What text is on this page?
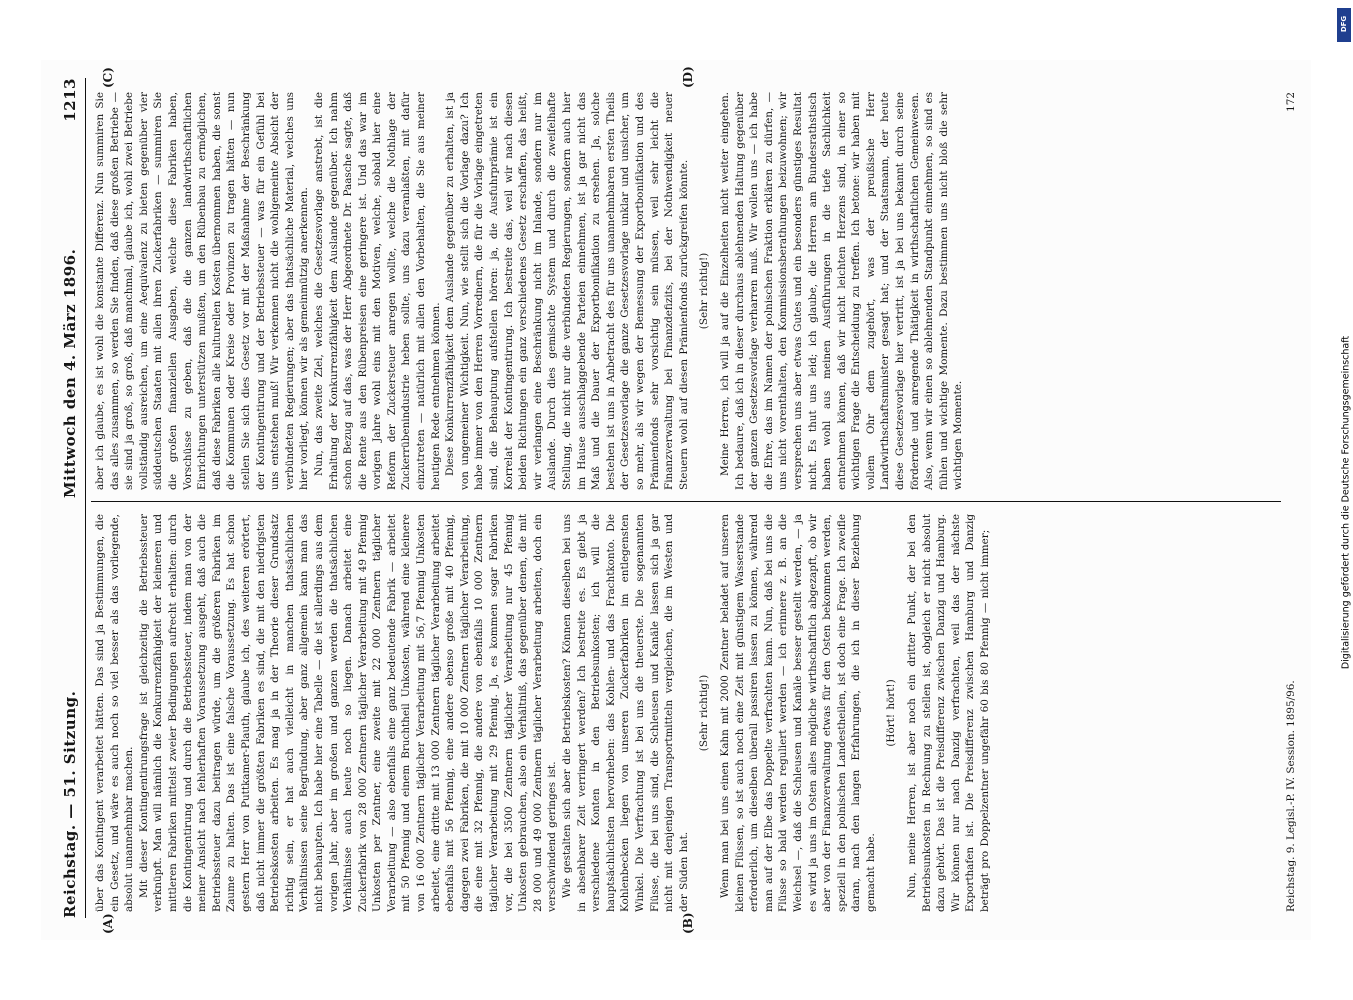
Reichstag. — 51. Sitzung.
Mittwoch den 4. März 1896.
1213
(A)	(B)
(C)	(D)

über das Kontingent verarbeitet hätten. Das sind ja Bestimmungen, die ein Gesetz, und wäre es auch noch so viel besser als das vorliegende, absolut unannehmbar machen. Mit dieser Kontingentirungsfrage ist gleichzeitig die Betriebssteuer verknüpft. Man will nämlich die Konkurrenzfähigkeit der kleineren und mittleren Fabriken mittelst zweier Bedingungen aufrecht erhalten: durch die Kontingentirung und durch die Betriebssteuer, indem man von der meiner Ansicht nach fehlerhaften Voraussetzung ausgeht, daß auch die Betriebssteuer dazu beitragen würde, um die größeren Fabriken im Zaume zu halten. Das ist eine falsche Voraussetzung. Es hat schon gestern Herr von Puttkamer-Plauth, glaube ich, des weiteren erörtert, daß nicht immer die größten Fabriken es sind, die mit den niedrigsten Betriebskosten arbeiten. Es mag ja in der Theorie dieser Grundsatz richtig sein, er hat auch vielleicht in manchen thatsächlichen Verhältnissen seine Begründung, aber ganz allgemein kann man das nicht behaupten. Ich habe hier eine Tabelle — die ist allerdings aus dem vorigen Jahr, aber im großen und ganzen werden die thatsächlichen Verhältnisse auch heute noch so liegen. Danach arbeitet eine Zuckerfabrik von 28 000 Zentnern täglicher Verarbeitung mit 49 Pfennig Unkosten per Zentner, eine zweite mit 22 000 Zentnern täglicher Verarbeitung — also ebenfalls eine ganz bedeutende Fabrik — arbeitet mit 50 Pfennig und einem Bruchtheil Unkosten, während eine kleinere von 16 000 Zentnern täglicher Verarbeitung mit 56,7 Pfennig Unkosten arbeitet, eine dritte mit 13 000 Zentnern täglicher Verarbeitung arbeitet ebenfalls mit 56 Pfennig, eine andere ebenso große mit 40 Pfennig, dagegen zwei Fabriken, die mit 10 000 Zentnern täglicher Verarbeitung, die eine mit 32 Pfennig, die andere von ebenfalls 10 000 Zentnern täglicher Verarbeitung mit 29 Pfennig. Ja, es kommen sogar Fabriken vor, die bei 3500 Zentnern täglicher Verarbeitung nur 45 Pfennig Unkosten gebrauchen, also ein Verhältniß, das gegenüber denen, die mit 28 000 und 49 000 Zentnern täglicher Verarbeitung arbeiten, doch ein verschwindend geringes ist. Wie gestalten sich aber die Betriebskosten? Können dieselben bei uns in absehbarer Zeit verringert werden? Ich bestreite es. Es giebt ja verschiedene Konten in den Betriebsunkosten; ich will die hauptsächlichsten hervorheben: das Kohlen- und das Frachtkonto. Die Kohlenbecken liegen von unseren Zuckerfabriken im entlegensten Winkel. Die Verfrachtung ist bei uns die theuerste. Die sogenannten Flüsse, die bei uns sind, die Schleusen und Kanäle lassen sich ja gar nicht mit denjenigen Transportmitteln vergleichen, die im Westen und der Süden hat.

(Sehr richtig!) Wenn man bei uns einen Kahn mit 2000 Zentner beladet auf unseren kleinen Flüssen, so ist auch noch eine Zeit mit günstigem Wasserstande erforderlich, um dieselben überall passiren lassen zu können, während man auf der Elbe das Doppelte verfrachten kann. Nun, daß bei uns die Flüsse so bald werden reguliert werden — ich erinnere z. B. an die Weichsel —, daß die Schleusen und Kanäle besser gestellt werden, — ja es wird ja uns im Osten alles mögliche wirthschaftlich abgezapft, ob wir aber von der Finanzverwaltung etwas für den Osten bekommen werden, speziell in den polnischen Landestheilen, ist doch eine Frage. Ich zweifle daran, nach den langen Erfahrungen, die ich in dieser Beziehung gemacht habe.

(Hört! hört!) Nun, meine Herren, ist aber noch ein dritter Punkt, der bei den Betriebsunkosten in Rechnung zu stellen ist, obgleich er nicht absolut dazu gehört. Das ist die Preisdifferenz zwischen Danzig und Hamburg. Wir können nur nach Danzig verfrachten, weil das der nächste Exporthafen ist. Die Preisdifferenz zwischen Hamburg und Danzig beträgt pro Doppelzentner ungefähr 60 bis 80 Pfennig — nicht immer;

aber ich glaube, es ist wohl die konstante Differenz. Nun summiren Sie das alles zusammen, so werden Sie finden, daß diese großen Betriebe — sie sind ja groß, so groß, daß manchmal, glaube ich, wohl zwei Betriebe vollständig ausreichen, um eine Aequivalenz zu bieten gegenüber vier süddeutschen Staaten mit allen ihren Zuckerfabriken — summiren Sie die großen finanziellen Ausgaben, welche diese Fabriken haben, Vorschüsse zu geben, daß die die ganzen landwirthschaftlichen Einrichtungen unterstützen mußten, um den Rübenbau zu ermöglichen, daß diese Fabriken alle kulturellen Kosten übernommen haben, die sonst die Kommunen oder Kreise oder Provinzen zu tragen hätten — nun stellen Sie sich dies Gesetz vor mit der Maßnahme der Beschränkung der Kontingentirung und der Betriebssteuer — was für ein Gefühl bei uns entstehen muß! Wir verkennen nicht die wohlgemeinte Absicht der verbündeten Regierungen; aber das thatsächliche Material, welches uns hier vorliegt, können wir als gemeinmützig anerkennen. Nun, das zweite Ziel, welches die Gesetzesvorlage anstrebt, ist die Erhaltung der Konkurrenzfähigkeit dem Auslande gegenüber. Ich nahm schon Bezug auf das, was der Herr Abgeordnete Dr. Paasche sagte, daß die Rente aus den Rübenpreisen eine geringere ist. Und das war im vorigen Jahre wohl eins mit den Motiven, welche, sobald hier eine Reform der Zuckersteuer anregen wollte, welche die Nothlage der Zuckerrübenindustrie heben sollte, uns dazu veranlaßten, mit dafür einzutreten — natürlich mit allen den Vorbehalten, die Sie aus meiner heutigen Rede entnehmen können. Diese Konkurrenzfähigkeit dem Auslande gegenüber zu erhalten, ist ja von ungemeiner Wichtigkeit. Nun, wie stellt sich die Vorlage dazu? Ich habe immer von den Herren Vorrednern, die für die Vorlage eingetreten sind, die Behauptung aufstellen hören: ja, die Ausfuhrprämie ist ein Korrelat der Kontingentirung. Ich bestreite das, weil wir nach diesen beiden Richtungen ein ganz verschiedenes Gesetz erschaffen, das heißt, wir verlangen eine Beschränkung nicht im Inlande, sondern nur im Auslande. Durch dies gemischte System und durch die zweifelhafte Stellung, die nicht nur die verbündeten Regierungen, sondern auch hier im Hause ausschlaggebende Parteien einnehmen, ist ja gar nicht das Maß und die Dauer der Exportbonifikation zu ersehen. Ja, solche bestehen ist uns in Anbetracht des für uns unannehmbaren ersten Theils der Gesetzesvorlage die ganze Gesetzesvorlage unklar und unsicher, um so mehr, als wir wegen der Bemessung der Exportbonifikation und des Prämienfonds sehr vorsichtig sein müssen, weil sehr leicht die Finanzverwaltung bei Finanzdefizits, bei der Nothwendigkeit neuer Steuern wohl auf diesen Prämienfonds zurückgreifen könnte. (Sehr richtig!) Meine Herren, ich will ja auf die Einzelheiten nicht weiter eingehen. Ich bedaure, daß ich in dieser durchaus ablehnenden Haltung gegenüber der ganzen Gesetzesvorlage verharren muß. Wir wollen uns — ich habe die Ehre, das im Namen der polnischen Fraktion erklären zu dürfen, — uns nicht vorenthalten, den Kommissionsberathungen beizuwohnen; wir versprechen uns aber etwas Gutes und ein besonders günstiges Resultat nicht. Es thut uns leid; ich glaube, die Herren am Bundesrathstisch haben wohl aus meinen Ausführungen in die tiefe Sachlichkeit entnehmen können, daß wir nicht leichten Herzens sind, in einer so wichtigen Frage die Entscheidung zu treffen. Ich betone: wir haben mit vollem Ohr dem zugehört, was der preußische Herr Landwirthschaftsminister gesagt hat; und der Staatsmann, der heute diese Gesetzesvorlage hier vertritt, ist ja bei uns bekannt durch seine fördernde und anregende Thätigkeit in wirthschaftlichen Gemeinwesen. Also, wenn wir einen so ablehnenden Standpunkt einnehmen, so sind es fühlen und wichtige Momente. Dazu bestimmen uns nicht bloß die sehr wichtigen Momente.

Reichstag. 9. Legisl.-P. IV. Session. 1895/96.
172
DFG
Digitalisierung gefördert durch die Deutsche Forschungsgemeinschaft
